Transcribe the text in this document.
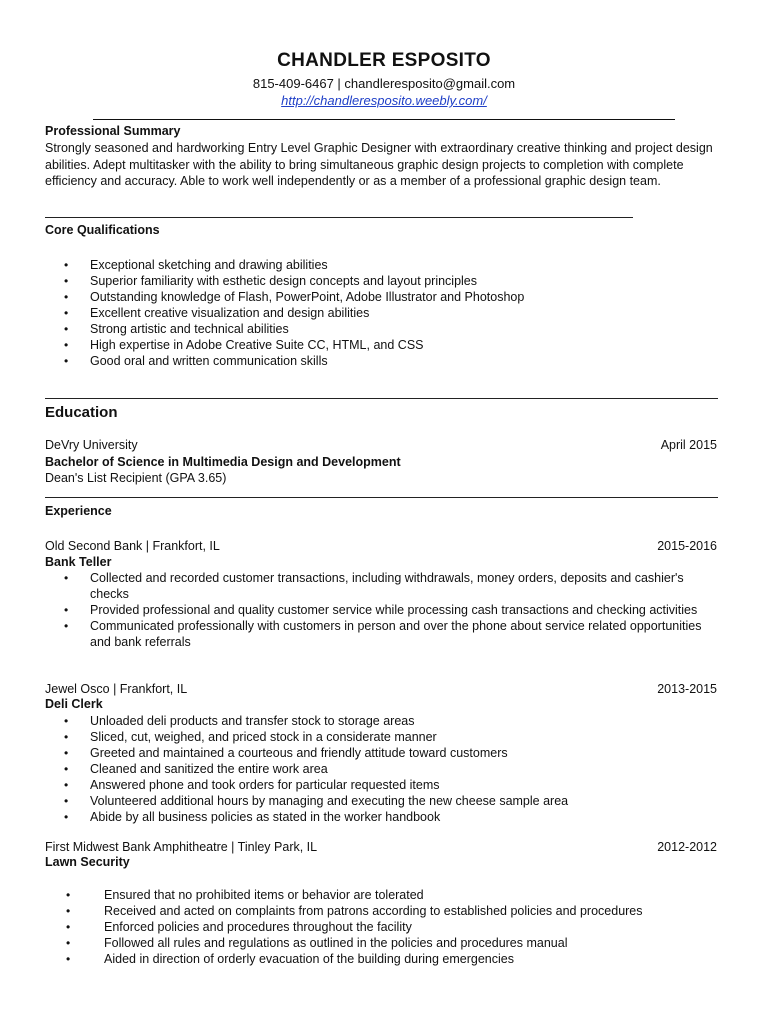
CHANDLER ESPOSITO
815-409-6467 | chandleresposito@gmail.com
http://chandleresposito.weebly.com/
Professional Summary
Strongly seasoned and hardworking Entry Level Graphic Designer with extraordinary creative thinking and project design abilities. Adept multitasker with the ability to bring simultaneous graphic design projects to completion with complete efficiency and accuracy. Able to work well independently or as a member of a professional graphic design team.
Core Qualifications
• Exceptional sketching and drawing abilities
• Superior familiarity with esthetic design concepts and layout principles
• Outstanding knowledge of Flash, PowerPoint, Adobe Illustrator and Photoshop
• Excellent creative visualization and design abilities
• Strong artistic and technical abilities
• High expertise in Adobe Creative Suite CC, HTML, and CSS
• Good oral and written communication skills
Education
DeVry University	April 2015
Bachelor of Science in Multimedia Design and Development
Dean's List Recipient (GPA 3.65)
Experience
Old Second Bank | Frankfort, IL	2015-2016
Bank Teller
• Collected and recorded customer transactions, including withdrawals, money orders, deposits and cashier's checks
• Provided professional and quality customer service while processing cash transactions and checking activities
• Communicated professionally with customers in person and over the phone about service related opportunities and bank referrals
Jewel Osco | Frankfort, IL	2013-2015
Deli Clerk
• Unloaded deli products and transfer stock to storage areas
• Sliced, cut, weighed, and priced stock in a considerate manner
• Greeted and maintained a courteous and friendly attitude toward customers
• Cleaned and sanitized the entire work area
• Answered phone and took orders for particular requested items
• Volunteered additional hours by managing and executing the new cheese sample area
• Abide by all business policies as stated in the worker handbook
First Midwest Bank Amphitheatre | Tinley Park, IL	2012-2012
Lawn Security
•	Ensured that no prohibited items or behavior are tolerated
•	Received and acted on complaints from patrons according to established policies and procedures
•	Enforced policies and procedures throughout the facility
•	Followed all rules and regulations as outlined in the policies and procedures manual
•	Aided in direction of orderly evacuation of the building during emergencies
